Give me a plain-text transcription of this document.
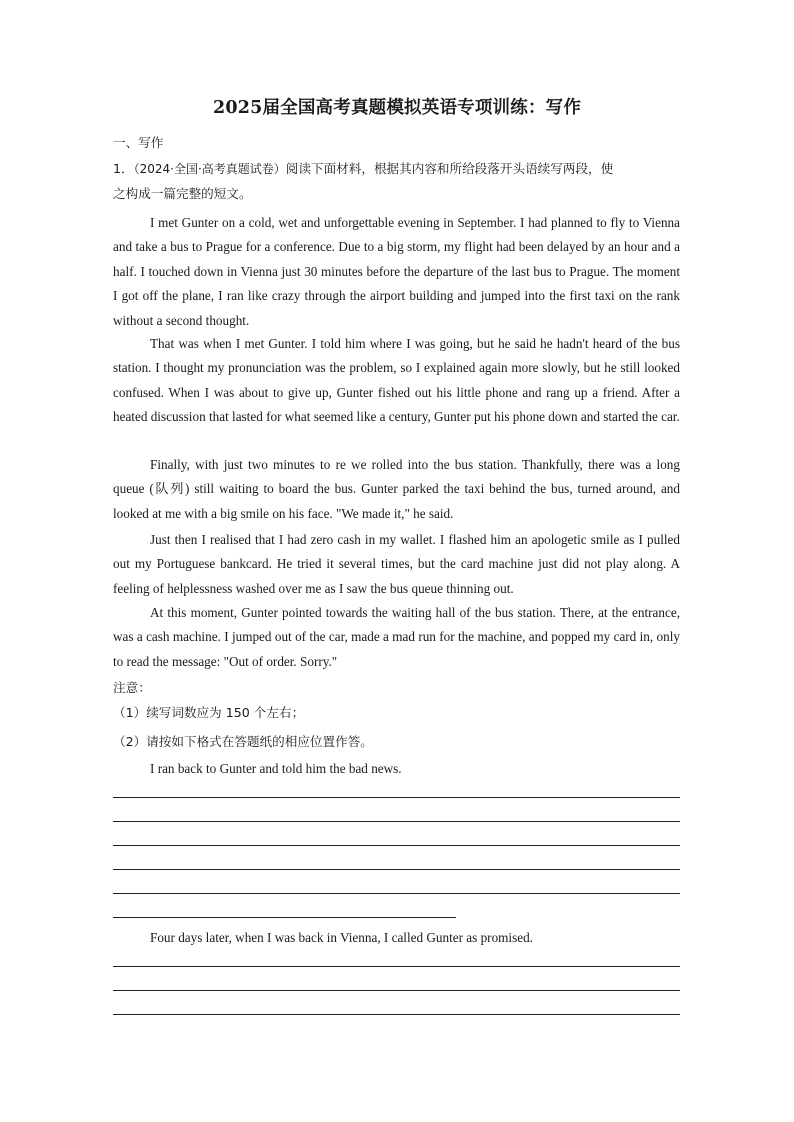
2025届全国高考真题模拟英语专项训练：写作
一、写作
1．（2024·全国·高考真题试卷）阅读下面材料，根据其内容和所给段落开头语续写两段，使
之构成一篇完整的短文。
I met Gunter on a cold, wet and unforgettable evening in September. I had planned to fly to Vienna and take a bus to Prague for a conference. Due to a big storm, my flight had been delayed by an hour and a half. I touched down in Vienna just 30 minutes before the departure of the last bus to Prague. The moment I got off the plane, I ran like crazy through the airport building and jumped into the first taxi on the rank without a second thought.
That was when I met Gunter. I told him where I was going, but he said he hadn't heard of the bus station. I thought my pronunciation was the problem, so I explained again more slowly, but he still looked confused. When I was about to give up, Gunter fished out his little phone and rang up a friend. After a heated discussion that lasted for what seemed like a century, Gunter put his phone down and started the car.
Finally, with just two minutes to re we rolled into the bus station. Thankfully, there was a long queue (队列) still waiting to board the bus. Gunter parked the taxi behind the bus, turned around, and looked at me with a big smile on his face. "We made it," he said.
Just then I realised that I had zero cash in my wallet. I flashed him an apologetic smile as I pulled out my Portuguese bankcard. He tried it several times, but the card machine just did not play along. A feeling of helplessness washed over me as I saw the bus queue thinning out.
At this moment, Gunter pointed towards the waiting hall of the bus station. There, at the entrance, was a cash machine. I jumped out of the car, made a mad run for the machine, and popped my card in, only to read the message: "Out of order. Sorry."
注意：
（1）续写词数应为 150 个左右；
（2）请按如下格式在答题纸的相应位置作答。
I ran back to Gunter and told him the bad news.
Four days later, when I was back in Vienna, I called Gunter as promised.
